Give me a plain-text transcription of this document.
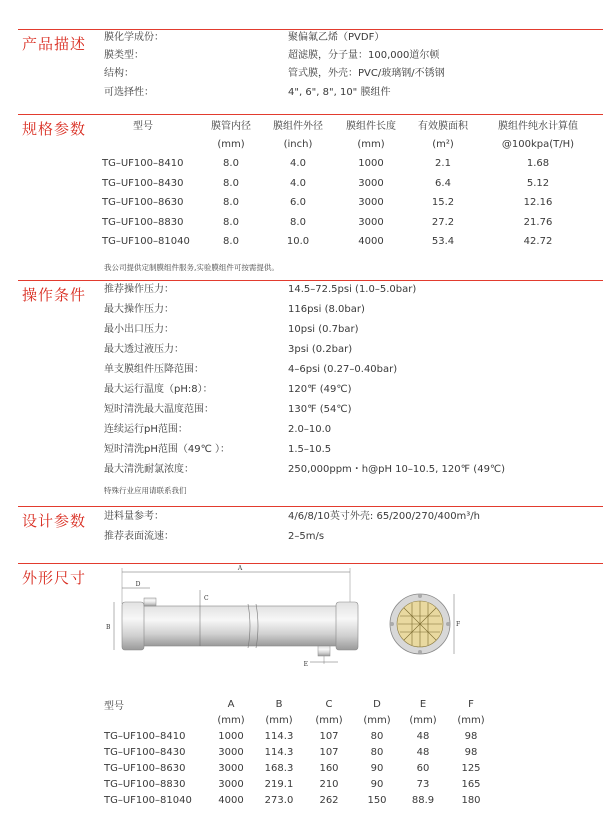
产品描述 膜化学成份：	聚偏氟乙烯（PVDF）
膜类型：	超滤膜，分子量：100,000道尔顿
结构：	管式膜，外壳：PVC/玻璃钢/不锈钢
可选择性：	4", 6", 8", 10" 膜组件
规格参数	型号	膜管内径	膜组件外径	膜组件长度	有效膜面积	膜组件纯水计算值
	(mm)	(inch)	(mm)	(m²)	@100kpa(T/H)
TG–UF100–8410	8.0	4.0	1000	2.1	1.68
TG–UF100–8430	8.0	4.0	3000	6.4	5.12
TG–UF100–8630	8.0	6.0	3000	15.2	12.16
TG–UF100–8830	8.0	8.0	3000	27.2	21.76
TG–UF100–81040	8.0	10.0	4000	53.4	42.72
我公司提供定制膜组件服务,实验膜组件可按需提供。
操作条件 推荐操作压力：	14.5–72.5psi (1.0–5.0bar)
最大操作压力：	116psi (8.0bar)
最小出口压力：	10psi (0.7bar)
最大透过液压力：	3psi (0.2bar)
单支膜组件压降范围：	4–6psi (0.27–0.40bar)
最大运行温度（pH:8）：	120℉ (49℃)
短时清洗最大温度范围：	130℉ (54℃)
连续运行pH范围：	2.0–10.0
短时清洗pH范围（49℃ ）：	1.5–10.5
最大清洗耐氯浓度：	250,000ppm・h@pH 10–10.5, 120℉ (49℃)
特殊行业应用请联系我们
设计参数 进料量参考：	4/6/8/10英寸外壳: 65/200/270/400m³/h
推荐表面流速：	2–5m/s
外形尺寸
A
D
C
B
E
F
型号	A	B	C	D	E	F
	(mm)	(mm)	(mm)	(mm)	(mm)	(mm)
TG–UF100–8410	1000	114.3	107	80	48	98
TG–UF100–8430	3000	114.3	107	80	48	98
TG–UF100–8630	3000	168.3	160	90	60	125
TG–UF100–8830	3000	219.1	210	90	73	165
TG–UF100–81040	4000	273.0	262	150	88.9	180
